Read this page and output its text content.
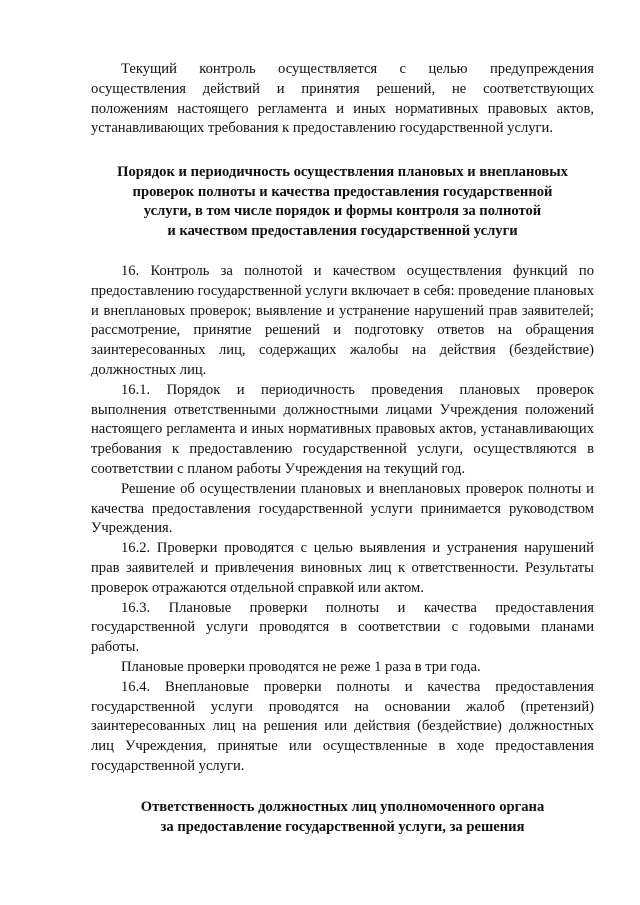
Текущий контроль осуществляется с целью предупреждения осуществления действий и принятия решений, не соответствующих положениям настоящего регламента и иных нормативных правовых актов, устанавливающих требования к предоставлению государственной услуги.

Порядок и периодичность осуществления плановых и внеплановых
проверок полноты и качества предоставления государственной
услуги, в том числе порядок и формы контроля за полнотой
и качеством предоставления государственной услуги

16. Контроль за полнотой и качеством осуществления функций по предоставлению государственной услуги включает в себя: проведение плановых и внеплановых проверок; выявление и устранение нарушений прав заявителей; рассмотрение, принятие решений и подготовку ответов на обращения заинтересованных лиц, содержащих жалобы на действия (бездействие) должностных лиц.

16.1. Порядок и периодичность проведения плановых проверок выполнения ответственными должностными лицами Учреждения положений настоящего регламента и иных нормативных правовых актов, устанавливающих требования к предоставлению государственной услуги, осуществляются в соответствии с планом работы Учреждения на текущий год.

Решение об осуществлении плановых и внеплановых проверок полноты и качества предоставления государственной услуги принимается руководством Учреждения.

16.2. Проверки проводятся с целью выявления и устранения нарушений прав заявителей и привлечения виновных лиц к ответственности. Результаты проверок отражаются отдельной справкой или актом.

16.3. Плановые проверки полноты и качества предоставления государственной услуги проводятся в соответствии с годовыми планами работы.

Плановые проверки проводятся не реже 1 раза в три года.

16.4. Внеплановые проверки полноты и качества предоставления государственной услуги проводятся на основании жалоб (претензий) заинтересованных лиц на решения или действия (бездействие) должностных лиц Учреждения, принятые или осуществленные в ходе предоставления государственной услуги.

Ответственность должностных лиц уполномоченного органа
за предоставление государственной услуги, за решения
